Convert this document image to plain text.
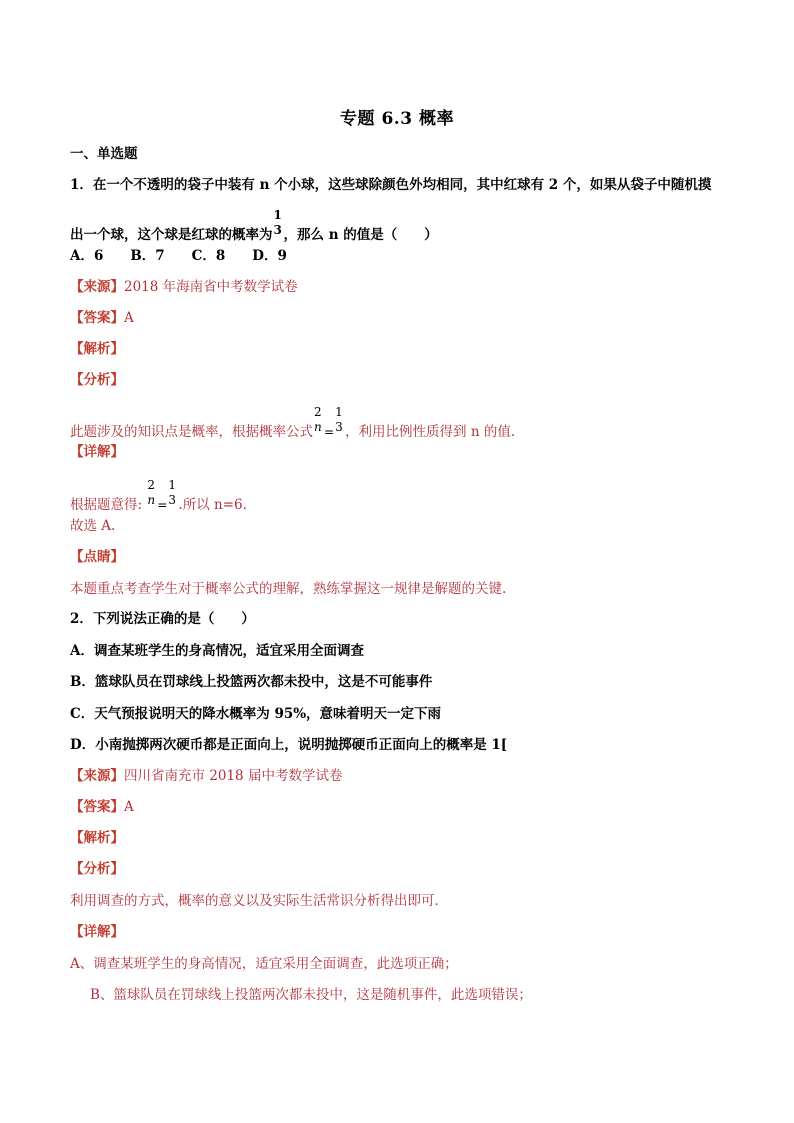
专题 6.3 概率
一、单选题
1．在一个不透明的袋子中装有 n 个小球，这些球除颜色外均相同，其中红球有 2 个，如果从袋子中随机摸
出一个球，这个球是红球的概率为
1
3 ，那么 n 的值是（　　）
A．6　　B．7　　C．8　　D．9
【来源】2018 年海南省中考数学试卷
【答案】A
【解析】
【分析】
此题涉及的知识点是概率，根据概率公式
2
n =
1
3 ，利用比例性质得到 n 的值.
【详解】
根据题意得:
2
n =
1
3 .所以 n=6.
故选 A.
【点睛】
本题重点考查学生对于概率公式的理解，熟练掌握这一规律是解题的关键.
2．下列说法正确的是（　　）
A．调查某班学生的身高情况，适宜采用全面调查
B．篮球队员在罚球线上投篮两次都未投中，这是不可能事件
C．天气预报说明天的降水概率为 95%，意味着明天一定下雨
D．小南抛掷两次硬币都是正面向上，说明抛掷硬币正面向上的概率是 1[
【来源】四川省南充市 2018 届中考数学试卷
【答案】A
【解析】
【分析】
利用调查的方式，概率的意义以及实际生活常识分析得出即可．
【详解】
A、调查某班学生的身高情况，适宜采用全面调查，此选项正确；
B、篮球队员在罚球线上投篮两次都未投中，这是随机事件，此选项错误；
